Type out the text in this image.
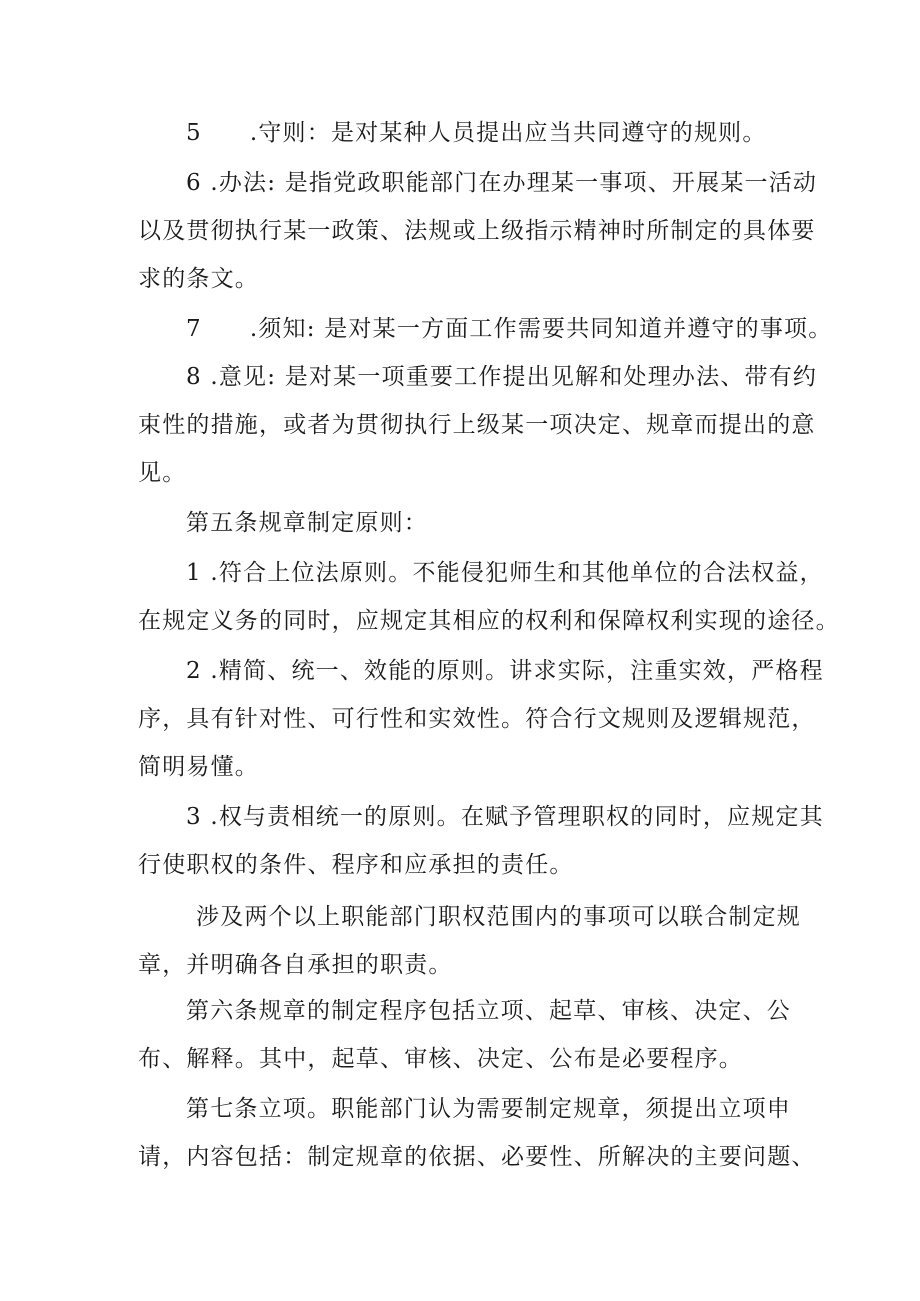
5 .守则：是对某种人员提出应当共同遵守的规则。
6 .办法: 是指党政职能部门在办理某一事项、开展某一活动
以及贯彻执行某一政策、法规或上级指示精神时所制定的具体要
求的条文。
7 .须知: 是对某一方面工作需要共同知道并遵守的事项。
8 .意见: 是对某一项重要工作提出见解和处理办法、带有约
束性的措施，或者为贯彻执行上级某一项决定、规章而提出的意
见。
第五条规章制定原则：
1 .符合上位法原则。不能侵犯师生和其他单位的合法权益，
在规定义务的同时，应规定其相应的权利和保障权利实现的途径。
2 .精简、统一、效能的原则。讲求实际，注重实效，严格程
序，具有针对性、可行性和实效性。符合行文规则及逻辑规范，
简明易懂。
3 .权与责相统一的原则。在赋予管理职权的同时，应规定其
行使职权的条件、程序和应承担的责任。
涉及两个以上职能部门职权范围内的事项可以联合制定规
章，并明确各自承担的职责。
第六条规章的制定程序包括立项、起草、审核、决定、公
布、解释。其中，起草、审核、决定、公布是必要程序。
第七条立项。职能部门认为需要制定规章，须提出立项申
请，内容包括：制定规章的依据、必要性、所解决的主要问题、
